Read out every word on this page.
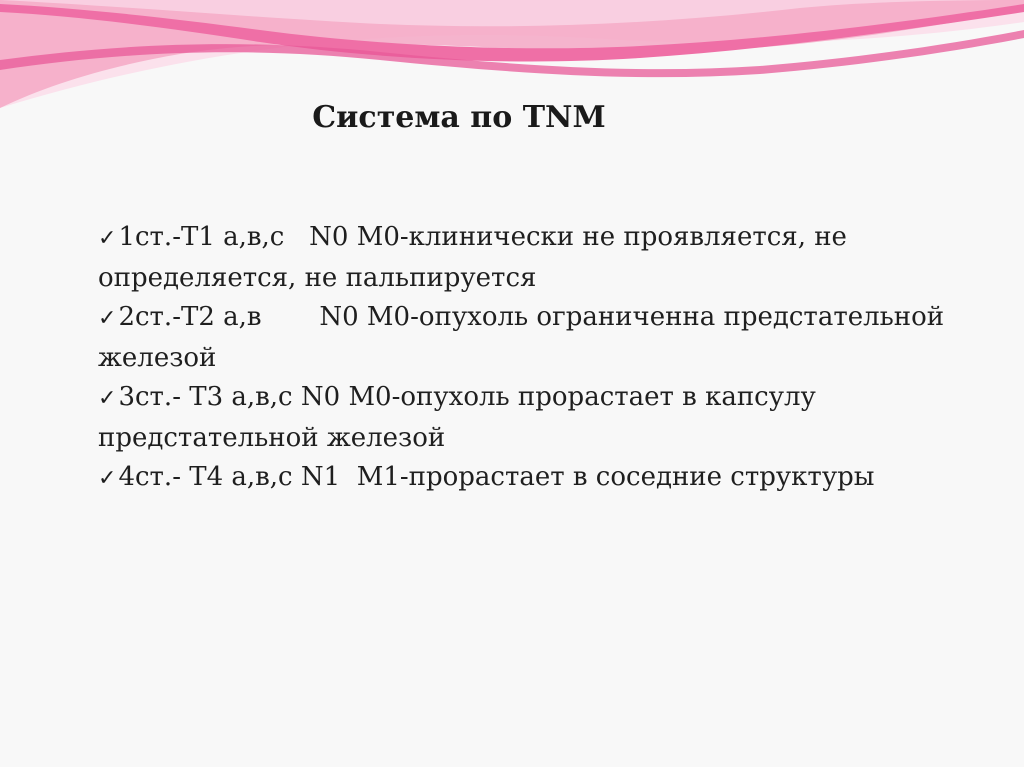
Система по TNM

✓1ст.-Т1 а,в,с   N0 M0-клинически не проявляется, не определяется, не пальпируется

✓2ст.-Т2 а,в       N0 M0-опухоль ограниченна предстательной железой

✓3ст.- Т3 а,в,с N0 M0-опухоль прорастает в капсулу предстательной железой

✓4ст.- Т4 а,в,с N1  M1-прорастает в соседние структуры
